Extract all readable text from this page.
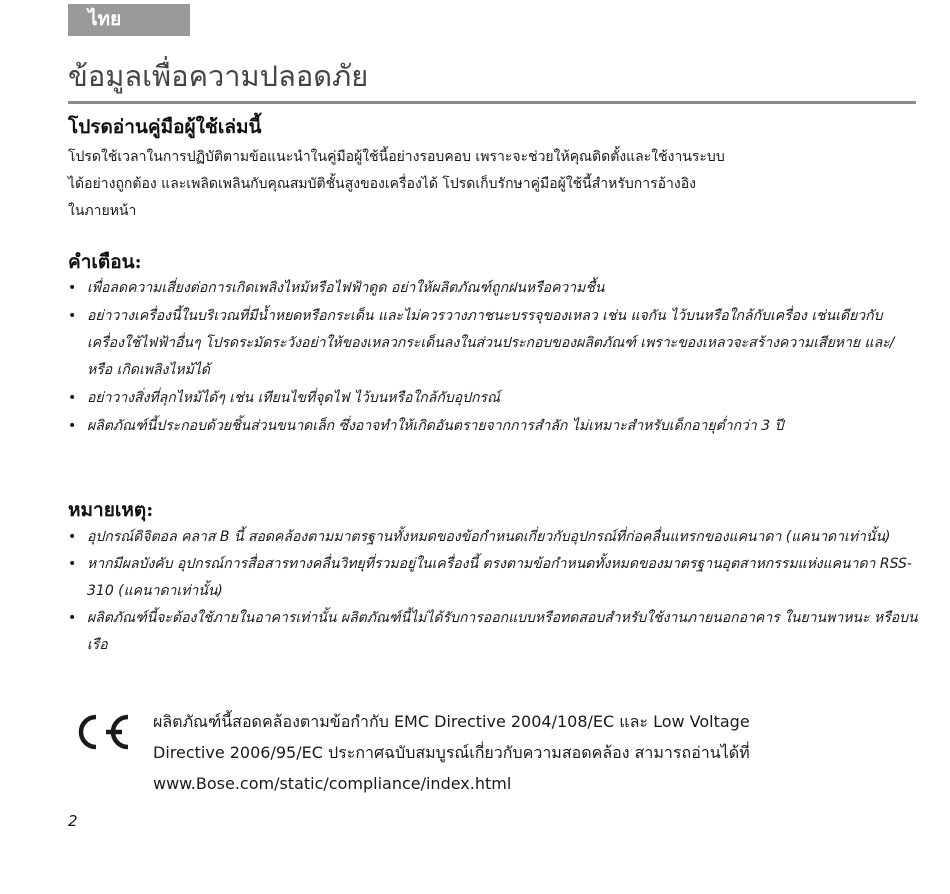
ไทย
ข้อมูลเพื่อความปลอดภัย
โปรดอ่านคู่มือผู้ใช้เล่มนี้

โปรดใช้เวลาในการปฏิบัติตามข้อแนะนำในคู่มือผู้ใช้นี้อย่างรอบคอบ เพราะจะช่วยให้คุณติดตั้งและใช้งานระบบ
ได้อย่างถูกต้อง และเพลิดเพลินกับคุณสมบัติชั้นสูงของเครื่องได้ โปรดเก็บรักษาคู่มือผู้ใช้นี้สำหรับการอ้างอิง
ในภายหน้า

คำเตือน:
• เพื่อลดความเสี่ยงต่อการเกิดเพลิงไหม้หรือไฟฟ้าดูด อย่าให้ผลิตภัณฑ์ถูกฝนหรือความชื้น
• อย่าวางเครื่องนี้ในบริเวณที่มีน้ำหยดหรือกระเด็น และไม่ควรวางภาชนะบรรจุของเหลว เช่น แจกัน ไว้บนหรือใกล้กับเครื่อง เช่นเดียวกับเครื่องใช้ไฟฟ้าอื่นๆ โปรดระมัดระวังอย่าให้ของเหลวกระเด็นลงในส่วนประกอบของผลิตภัณฑ์ เพราะของเหลวจะสร้างความเสียหาย และ/หรือ เกิดเพลิงไหม้ได้
• อย่าวางสิ่งที่ลุกไหม้ได้ๆ เช่น เทียนไขที่จุดไฟ ไว้บนหรือใกล้กับอุปกรณ์
• ผลิตภัณฑ์นี้ประกอบด้วยชิ้นส่วนขนาดเล็ก ซึ่งอาจทำให้เกิดอันตรายจากการสำลัก ไม่เหมาะสำหรับเด็กอายุต่ำกว่า 3 ปี
หมายเหตุ:
• อุปกรณ์ดิจิตอล คลาส B นี้ สอดคล้องตามมาตรฐานทั้งหมดของข้อกำหนดเกี่ยวกับอุปกรณ์ที่ก่อคลื่นแทรกของแคนาดา (แคนาดาเท่านั้น)
• หากมีผลบังคับ อุปกรณ์การสื่อสารทางคลื่นวิทยุที่รวมอยู่ในเครื่องนี้ ตรงตามข้อกำหนดทั้งหมดของมาตรฐานอุตสาหกรรมแห่งแคนาดา RSS-310 (แคนาดาเท่านั้น)
• ผลิตภัณฑ์นี้จะต้องใช้ภายในอาคารเท่านั้น ผลิตภัณฑ์นี้ไม่ได้รับการออกแบบหรือทดสอบสำหรับใช้งานภายนอกอาคาร ในยานพาหนะ หรือบนเรือ

ผลิตภัณฑ์นี้สอดคล้องตามข้อกำกับ EMC Directive 2004/108/EC และ Low Voltage
Directive 2006/95/EC ประกาศฉบับสมบูรณ์เกี่ยวกับความสอดคล้อง สามารถอ่านได้ที่
www.Bose.com/static/compliance/index.html

2
